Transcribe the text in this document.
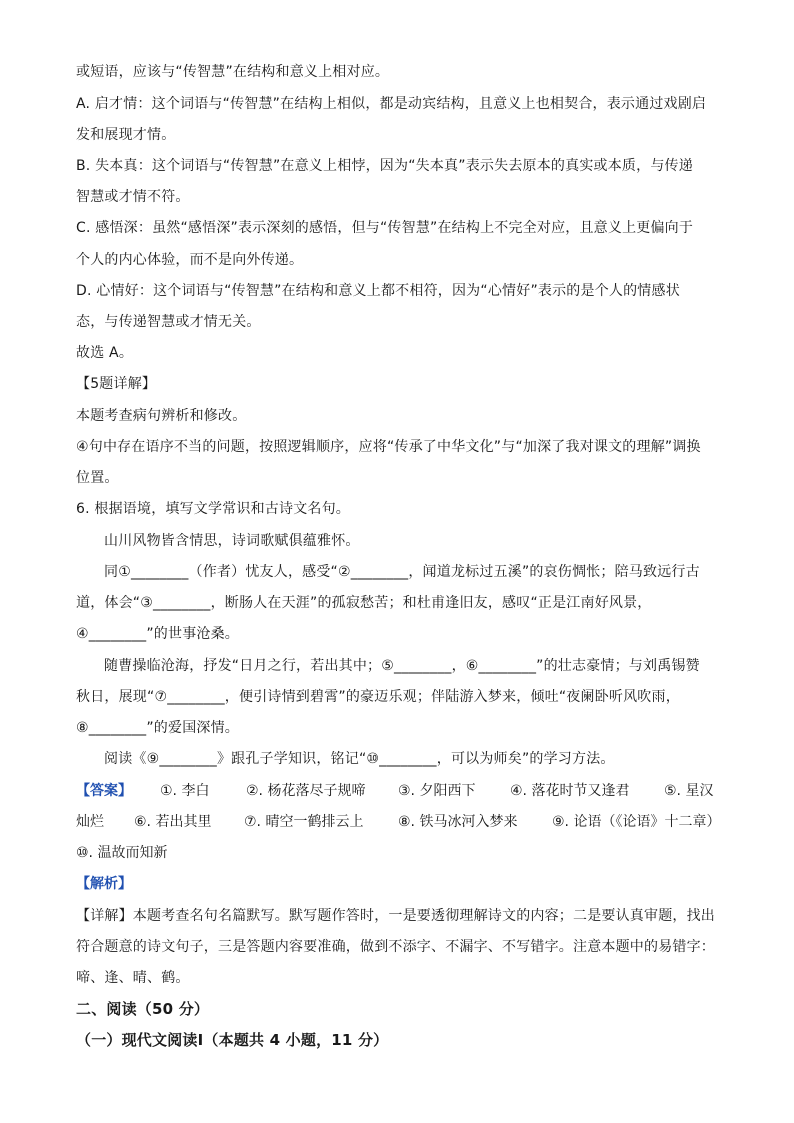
或短语，应该与“传智慧”在结构和意义上相对应。
A. 启才情：这个词语与“传智慧”在结构上相似，都是动宾结构，且意义上也相契合，表示通过戏剧启
发和展现才情。
B. 失本真：这个词语与“传智慧”在意义上相悖，因为“失本真”表示失去原本的真实或本质，与传递
智慧或才情不符。
C. 感悟深：虽然“感悟深”表示深刻的感悟，但与“传智慧”在结构上不完全对应，且意义上更偏向于
个人的内心体验，而不是向外传递。
D. 心情好：这个词语与“传智慧”在结构和意义上都不相符，因为“心情好”表示的是个人的情感状
态，与传递智慧或才情无关。
故选 A。
【5题详解】
本题考查病句辨析和修改。
④句中存在语序不当的问题，按照逻辑顺序，应将“传承了中华文化”与“加深了我对课文的理解”调换
位置。
6. 根据语境，填写文学常识和古诗文名句。
山川风物皆含情思，诗词歌赋俱蕴雅怀。
同①________（作者）忧友人，感受“②________，闻道龙标过五溪”的哀伤惆怅；陪马致远行古
道，体会“③________，断肠人在天涯”的孤寂愁苦；和杜甫逢旧友，感叹“正是江南好风景，
④________”的世事沧桑。
随曹操临沧海，抒发“日月之行，若出其中；⑤________，⑥________”的壮志豪情；与刘禹锡赞
秋日，展现“⑦________，便引诗情到碧霄”的豪迈乐观；伴陆游入梦来，倾吐“夜阑卧听风吹雨，
⑧________”的爱国深情。
阅读《⑨________》跟孔子学知识，铭记“⑩________，可以为师矣”的学习方法。
【答案】 ①. 李白	②. 杨花落尽子规啼 ③. 夕阳西下 ④. 落花时节又逢君 ⑤. 星汉
灿烂 ⑥. 若出其里 ⑦. 晴空一鹤排云上 ⑧. 铁马冰河入梦来 ⑨. 论语（《论语》十二章）
⑩. 温故而知新
【解析】
【详解】本题考查名句名篇默写。默写题作答时，一是要透彻理解诗文的内容；二是要认真审题，找出
符合题意的诗文句子，三是答题内容要准确，做到不添字、不漏字、不写错字。注意本题中的易错字：
啼、逢、晴、鹤。
二、阅读（50 分）
（一）现代文阅读Ⅰ（本题共 4 小题，11 分）
